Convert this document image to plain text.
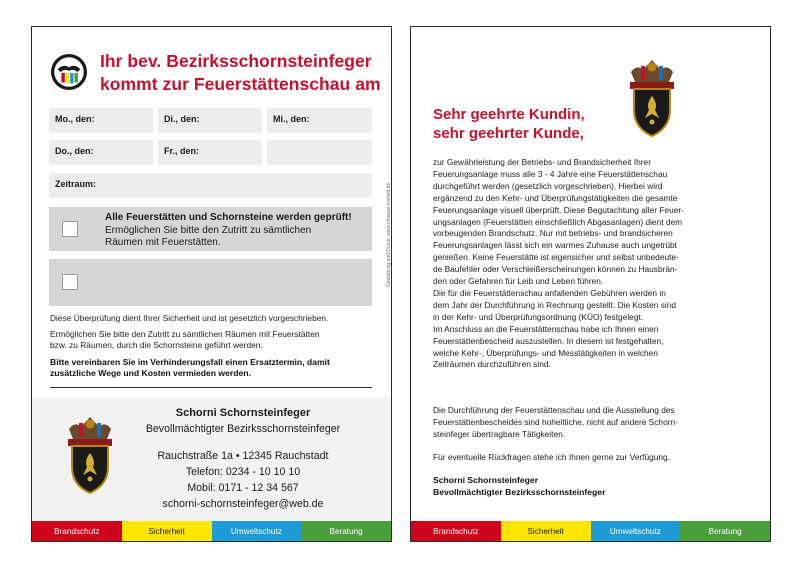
Ihr bev. Bezirksschornsteinfeger
kommt zur Feuerstättenschau am
Mo., den:	Di., den:	Mi., den:
Do., den:	Fr., den:
Zeitraum:
Alle Feuerstätten und Schornsteine werden geprüft!
Ermöglichen Sie bitte den Zutritt zu sämtlichen
Räumen mit Feuerstätten.	Gestaltung und Druck: www.inhouse-krefeld.de
Diese Überprüfung dient Ihrer Sicherheit und ist gesetzlich vorgeschrieben.
Ermöglichen Sie bitte den Zutritt zu sämtlichen Räumen mit Feuerstätten
bzw. zu Räumen, durch die Schornsteine geführt werden.
Bitte vereinbaren Sie im Verhinderungsfall einen Ersatztermin, damit
zusätzliche Wege und Kosten vermieden werden.
Schorni Schornsteinfeger
Bevollmächtigter Bezirksschornsteinfeger
Rauchstraße 1a • 12345 Rauchstadt
Telefon: 0234 - 10 10 10
Mobil: 0171 - 12 34 567
schorni-schornsteinfeger@web.de
Brandschutz	Sicherheit	Umweltschutz	Beratung
Sehr geehrte Kundin,
sehr geehrter Kunde,
zur Gewährleistung der Betriebs- und Brandsicherheit Ihrer
Feuerungsanlage muss alle 3 - 4 Jahre eine Feuerstättenschau
durchgeführt werden (gesetzlich vorgeschrieben). Hierbei wird
ergänzend zu den Kehr- und Überprüfungstätigkeiten die gesamte
Feuerungsanlage visuell überprüft. Diese Begutachtung aller Feuer-
ungsanlagen (Feuerstätten einschließlich Abgasanlagen) dient dem
vorbeugenden Brandschutz. Nur mit betriebs- und brandsicheren
Feuerungsanlagen lässt sich ein warmes Zuhause auch ungetrübt
genießen. Keine Feuerstätte ist eigensicher und selbst unbedeute-
de Baufehler oder Verschleißerscheinungen können zu Hausbrän-
den oder Gefahren für Leib und Leben führen.
Die für die Feuerstättenschau anfallenden Gebühren werden in
dem Jahr der Durchführung in Rechnung gestellt. Die Kosten sind
in der Kehr- und Überprüfungsordnung (KÜO) festgelegt.
Im Anschluss an die Feuerstättenschau habe ich Ihnen einen
Feuerstättenbescheid auszustellen. In diesem ist festgehalten,
welche Kehr-, Überprüfungs- und Messtätigkeiten in welchen
Zeiträumen durchzuführen sind.
Die Durchführung der Feuerstättenschau und die Ausstellung des
Feuerstättenbescheides sind hoheitliche, nicht auf andere Schorn-
steinfeger übertragbare Tätigkeiten.
Für eventuelle Rückfragen stehe ich Ihnen gerne zur Verfügung.
Schorni Schornsteinfeger
Bevollmächtigter Bezirksschornsteinfeger
Brandschutz	Sicherheit	Umweltschutz	Beratung
